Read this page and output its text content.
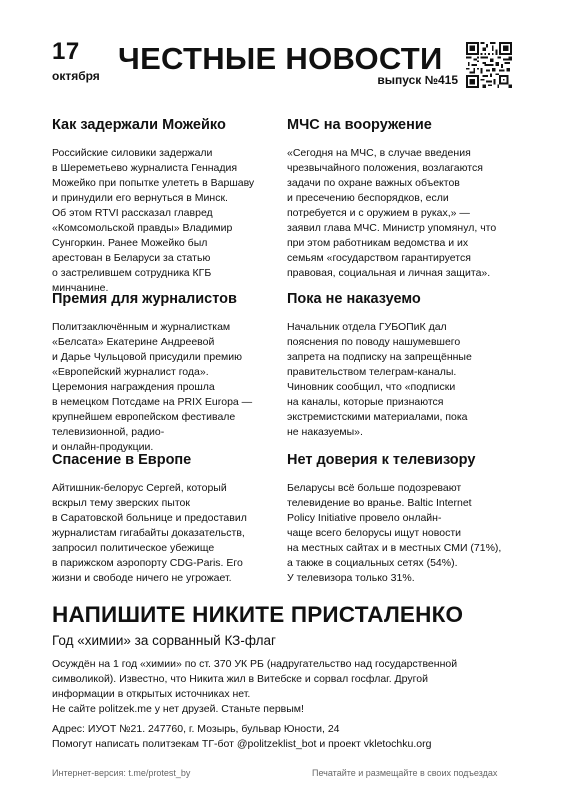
17
октября ЧЕСТНЫЕ НОВОСТИ
выпуск №415
Как задержали Можейко

Российские силовики задержали
в Шереметьево журналиста Геннадия
Можейко при попытке улететь в Варшаву
и принудили его вернуться в Минск.
Об этом RTVI рассказал главред
«Комсомольской правды» Владимир
Сунгоркин. Ранее Можейко был
арестован в Беларуси за статью
о застрелившем сотрудника КГБ
минчанине.

МЧС на вооружение

«Сегодня на МЧС, в случае введения
чрезвычайного положения, возлагаются
задачи по охране важных объектов
и пресечению беспорядков, если
потребуется и с оружием в руках,» —
заявил глава МЧС. Министр упомянул, что
при этом работникам ведомства и их
семьям «государством гарантируется
правовая, социальная и личная защита».

Премия для журналистов

Политзаключённым и журналисткам
«Белсата» Екатерине Андреевой
и Дарье Чульцовой присудили премию
«Европейский журналист года».
Церемония награждения прошла
в немецком Потсдаме на PRIX Europa —
крупнейшем европейском фестивале
телевизионной, радио-
и онлайн-продукции.

Пока не наказуемо

Начальник отдела ГУБОПиК дал
пояснения по поводу нашумевшего
запрета на подписку на запрещённые
правительством телеграм-каналы.
Чиновник сообщил, что «подписки
на каналы, которые признаются
экстремистскими материалами, пока
не наказуемы».

Спасение в Европе

Айтишник-белорус Сергей, который
вскрыл тему зверских пыток
в Саратовской больнице и предоставил
журналистам гигабайты доказательств,
запросил политическое убежище
в парижском аэропорту CDG-Paris. Его
жизни и свободе ничего не угрожает.

Нет доверия к телевизору

Беларусы всё больше подозревают
телевидение во вранье. Baltic Internet
Policy Initiative провело онлайн-
чаще всего белорусы ищут новости
на местных сайтах и в местных СМИ (71%),
а также в социальных сетях (54%).
У телевизора только 31%.

НАПИШИТЕ НИКИТЕ ПРИСТАЛЕНКО
Год «химии» за сорванный КЗ-флаг
Осуждён на 1 год «химии» по ст. 370 УК РБ (надругательство над государственной
символикой). Известно, что Никита жил в Витебске и сорвал госфлаг. Другой
информации в открытых источниках нет.
Не сайте politzek.me у нет друзей. Станьте первым!
Адрес: ИУОТ №21. 247760, г. Мозырь, бульвар Юности, 24
Помогут написать политзекам ТГ-бот @politzeklist_bot и проект vkletochku.org
Интернет-версия: t.me/protest_by	Печатайте и размещайте в своих подъездах
